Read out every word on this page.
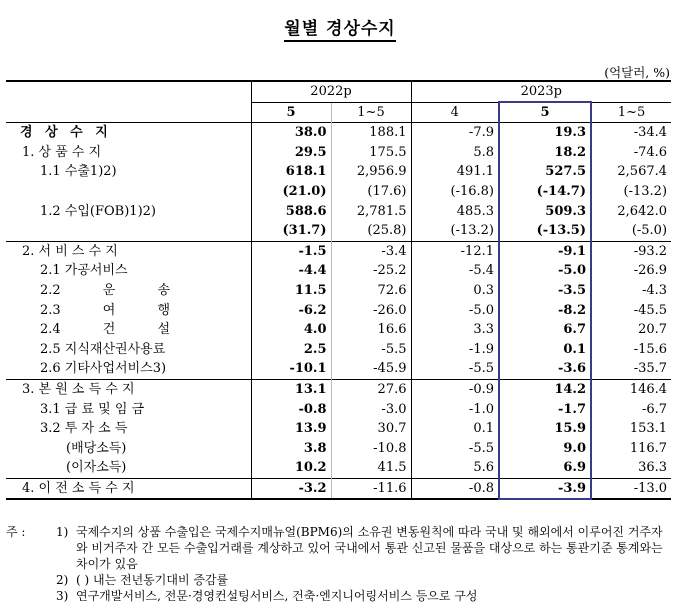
월별 경상수지
(억달러, %)
	2022p		2023p		
	5	1~5	4	5	1~5
경 상 수 지	38.0	188.1	-7.9	19.3	-34.4
1. 상 품 수 지	29.5	175.5	5.8	18.2	-74.6
1.1 수출1)2)	618.1	2,956.9	491.1	527.5	2,567.4
	(21.0)	(17.6)	(-16.8)	(-14.7)	(-13.2)
1.2 수입(FOB)1)2)	588.6	2,781.5	485.3	509.3	2,642.0
	(31.7)	(25.8)	(-13.2)	(-13.5)	(-5.0)
2. 서 비 스 수 지	-1.5	-3.4	-12.1	-9.1	-93.2
2.1 가공서비스	-4.4	-25.2	-5.4	-5.0	-26.9
2.2 운 송	11.5	72.6	0.3	-3.5	-4.3
2.3 여 행	-6.2	-26.0	-5.0	-8.2	-45.5
2.4 건 설	4.0	16.6	3.3	6.7	20.7
2.5 지식재산권사용료	2.5	-5.5	-1.9	0.1	-15.6
2.6 기타사업서비스3)	-10.1	-45.9	-5.5	-3.6	-35.7
3. 본 원 소 득 수 지	13.1	27.6	-0.9	14.2	146.4
3.1 급 료 및 임 금	-0.8	-3.0	-1.0	-1.7	-6.7
3.2 투 자 소 득	13.9	30.7	0.1	15.9	153.1
(배당소득)	3.8	-10.8	-5.5	9.0	116.7
(이자소득)	10.2	41.5	5.6	6.9	36.3
4. 이 전 소 득 수 지	-3.2	-11.6	-0.8	-3.9	-13.0
주 :	1) 국제수지의 상품 수출입은 국제수지매뉴얼(BPM6)의 소유권 변동원칙에 따라 국내 및 해외에서 이루어진 거주자와 비거주자 간 모든 수출입거래를 계상하고 있어 국내에서 통관 신고된 물품을 대상으로 하는 통관기준 통계와는 차이가 있음
2) ( ) 내는 전년동기대비 증감률
3) 연구개발서비스, 전문·경영컨설팅서비스, 건축·엔지니어링서비스 등으로 구성
